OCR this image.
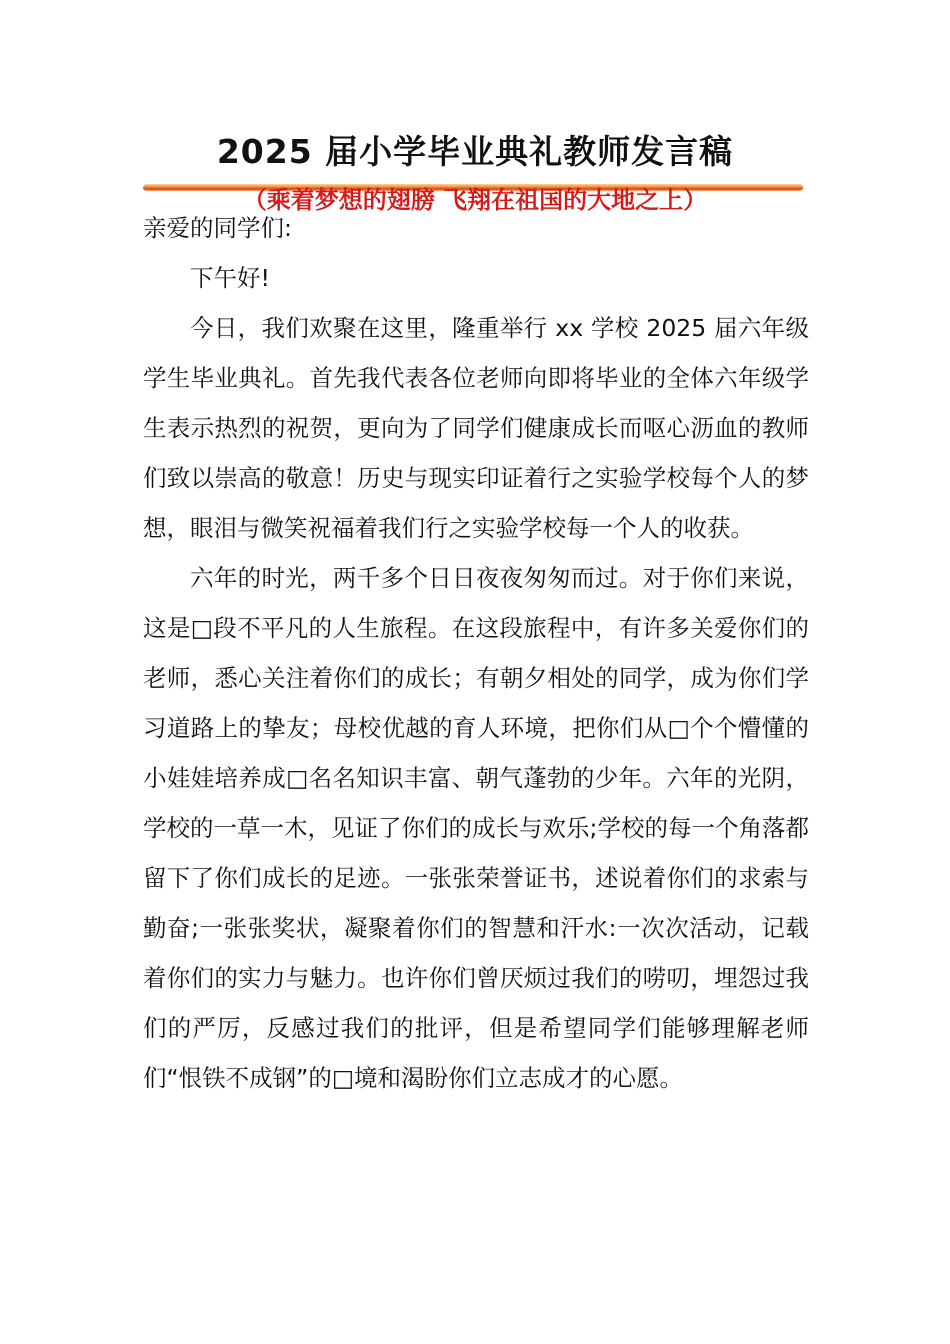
2025 届小学毕业典礼教师发言稿
（乘着梦想的翅膀 飞翔在祖国的大地之上）

亲爱的同学们:

下午好!

今日，我们欢聚在这里，隆重举行 xx 学校 2025 届六年级学生毕业典礼。首先我代表各位老师向即将毕业的全体六年级学生表示热烈的祝贺，更向为了同学们健康成长而呕心沥血的教师们致以崇高的敬意！历史与现实印证着行之实验学校每个人的梦想，眼泪与微笑祝福着我们行之实验学校每一个人的收获。

六年的时光，两千多个日日夜夜匆匆而过。对于你们来说，这是□段不平凡的人生旅程。在这段旅程中，有许多关爱你们的老师，悉心关注着你们的成长；有朝夕相处的同学，成为你们学习道路上的挚友；母校优越的育人环境，把你们从□个个懵懂的小娃娃培养成□名名知识丰富、朝气蓬勃的少年。六年的光阴，学校的一草一木，见证了你们的成长与欢乐;学校的每一个角落都留下了你们成长的足迹。一张张荣誉证书，述说着你们的求索与勤奋;一张张奖状，凝聚着你们的智慧和汗水:一次次活动，记载着你们的实力与魅力。也许你们曾厌烦过我们的唠叨，埋怨过我们的严厉，反感过我们的批评，但是希望同学们能够理解老师们“恨铁不成钢”的□境和渴盼你们立志成才的心愿。
